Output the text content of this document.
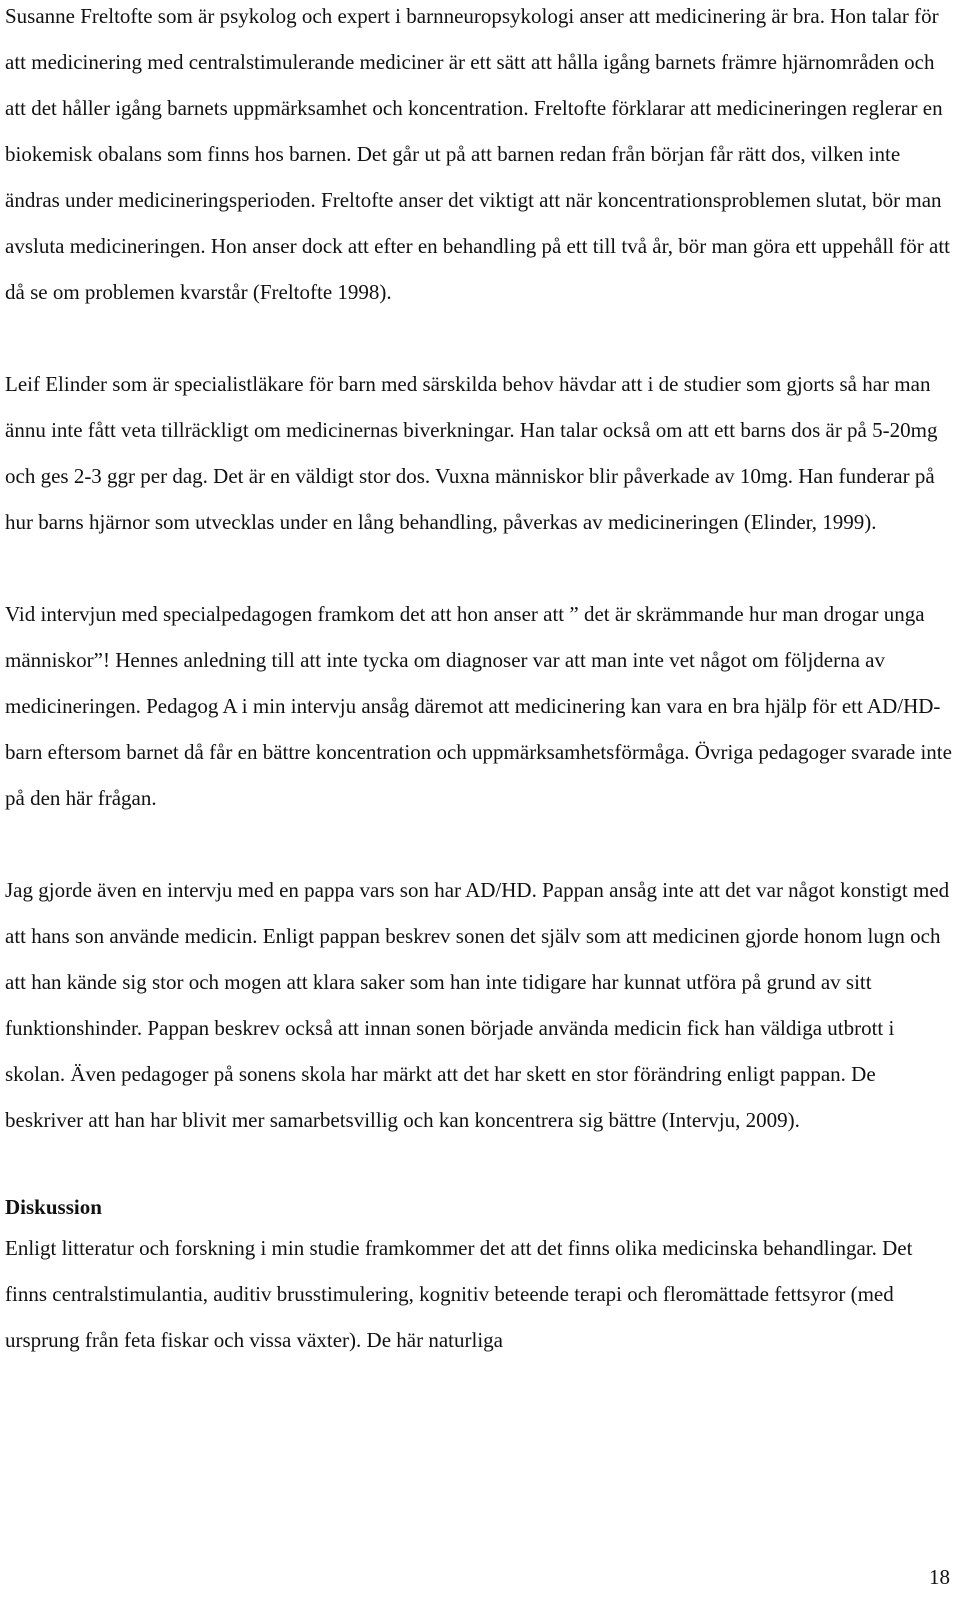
Susanne Freltofte som är psykolog och expert i barnneuropsykologi anser att medicinering är bra. Hon talar för att medicinering med centralstimulerande mediciner är ett sätt att hålla igång barnets främre hjärnområden och att det håller igång barnets uppmärksamhet och koncentration. Freltofte förklarar att medicineringen reglerar en biokemisk obalans som finns hos barnen. Det går ut på att barnen redan från början får rätt dos, vilken inte ändras under medicineringsperioden. Freltofte anser det viktigt att när koncentrationsproblemen slutat, bör man avsluta medicineringen. Hon anser dock att efter en behandling på ett till två år, bör man göra ett uppehåll för att då se om problemen kvarstår (Freltofte 1998).

Leif Elinder som är specialistläkare för barn med särskilda behov hävdar att i de studier som gjorts så har man ännu inte fått veta tillräckligt om medicinernas biverkningar. Han talar också om att ett barns dos är på 5-20mg och ges 2-3 ggr per dag. Det är en väldigt stor dos. Vuxna människor blir påverkade av 10mg. Han funderar på hur barns hjärnor som utvecklas under en lång behandling, påverkas av medicineringen (Elinder, 1999).

Vid intervjun med specialpedagogen framkom det att hon anser att ” det är skrämmande hur man drogar unga människor”! Hennes anledning till att inte tycka om diagnoser var att man inte vet något om följderna av medicineringen. Pedagog A i min intervju ansåg däremot att medicinering kan vara en bra hjälp för ett AD/HD- barn eftersom barnet då får en bättre koncentration och uppmärksamhetsförmåga. Övriga pedagoger svarade inte på den här frågan.

Jag gjorde även en intervju med en pappa vars son har AD/HD. Pappan ansåg inte att det var något konstigt med att hans son använde medicin. Enligt pappan beskrev sonen det själv som att medicinen gjorde honom lugn och att han kände sig stor och mogen att klara saker som han inte tidigare har kunnat utföra på grund av sitt funktionshinder. Pappan beskrev också att innan sonen började använda medicin fick han väldiga utbrott i skolan. Även pedagoger på sonens skola har märkt att det har skett en stor förändring enligt pappan. De beskriver att han har blivit mer samarbetsvillig och kan koncentrera sig bättre (Intervju, 2009).

Diskussion

Enligt litteratur och forskning i min studie framkommer det att det finns olika medicinska behandlingar. Det finns centralstimulantia, auditiv brusstimulering, kognitiv beteende terapi och fleromättade fettsyror (med ursprung från feta fiskar och vissa växter). De här naturliga

18
